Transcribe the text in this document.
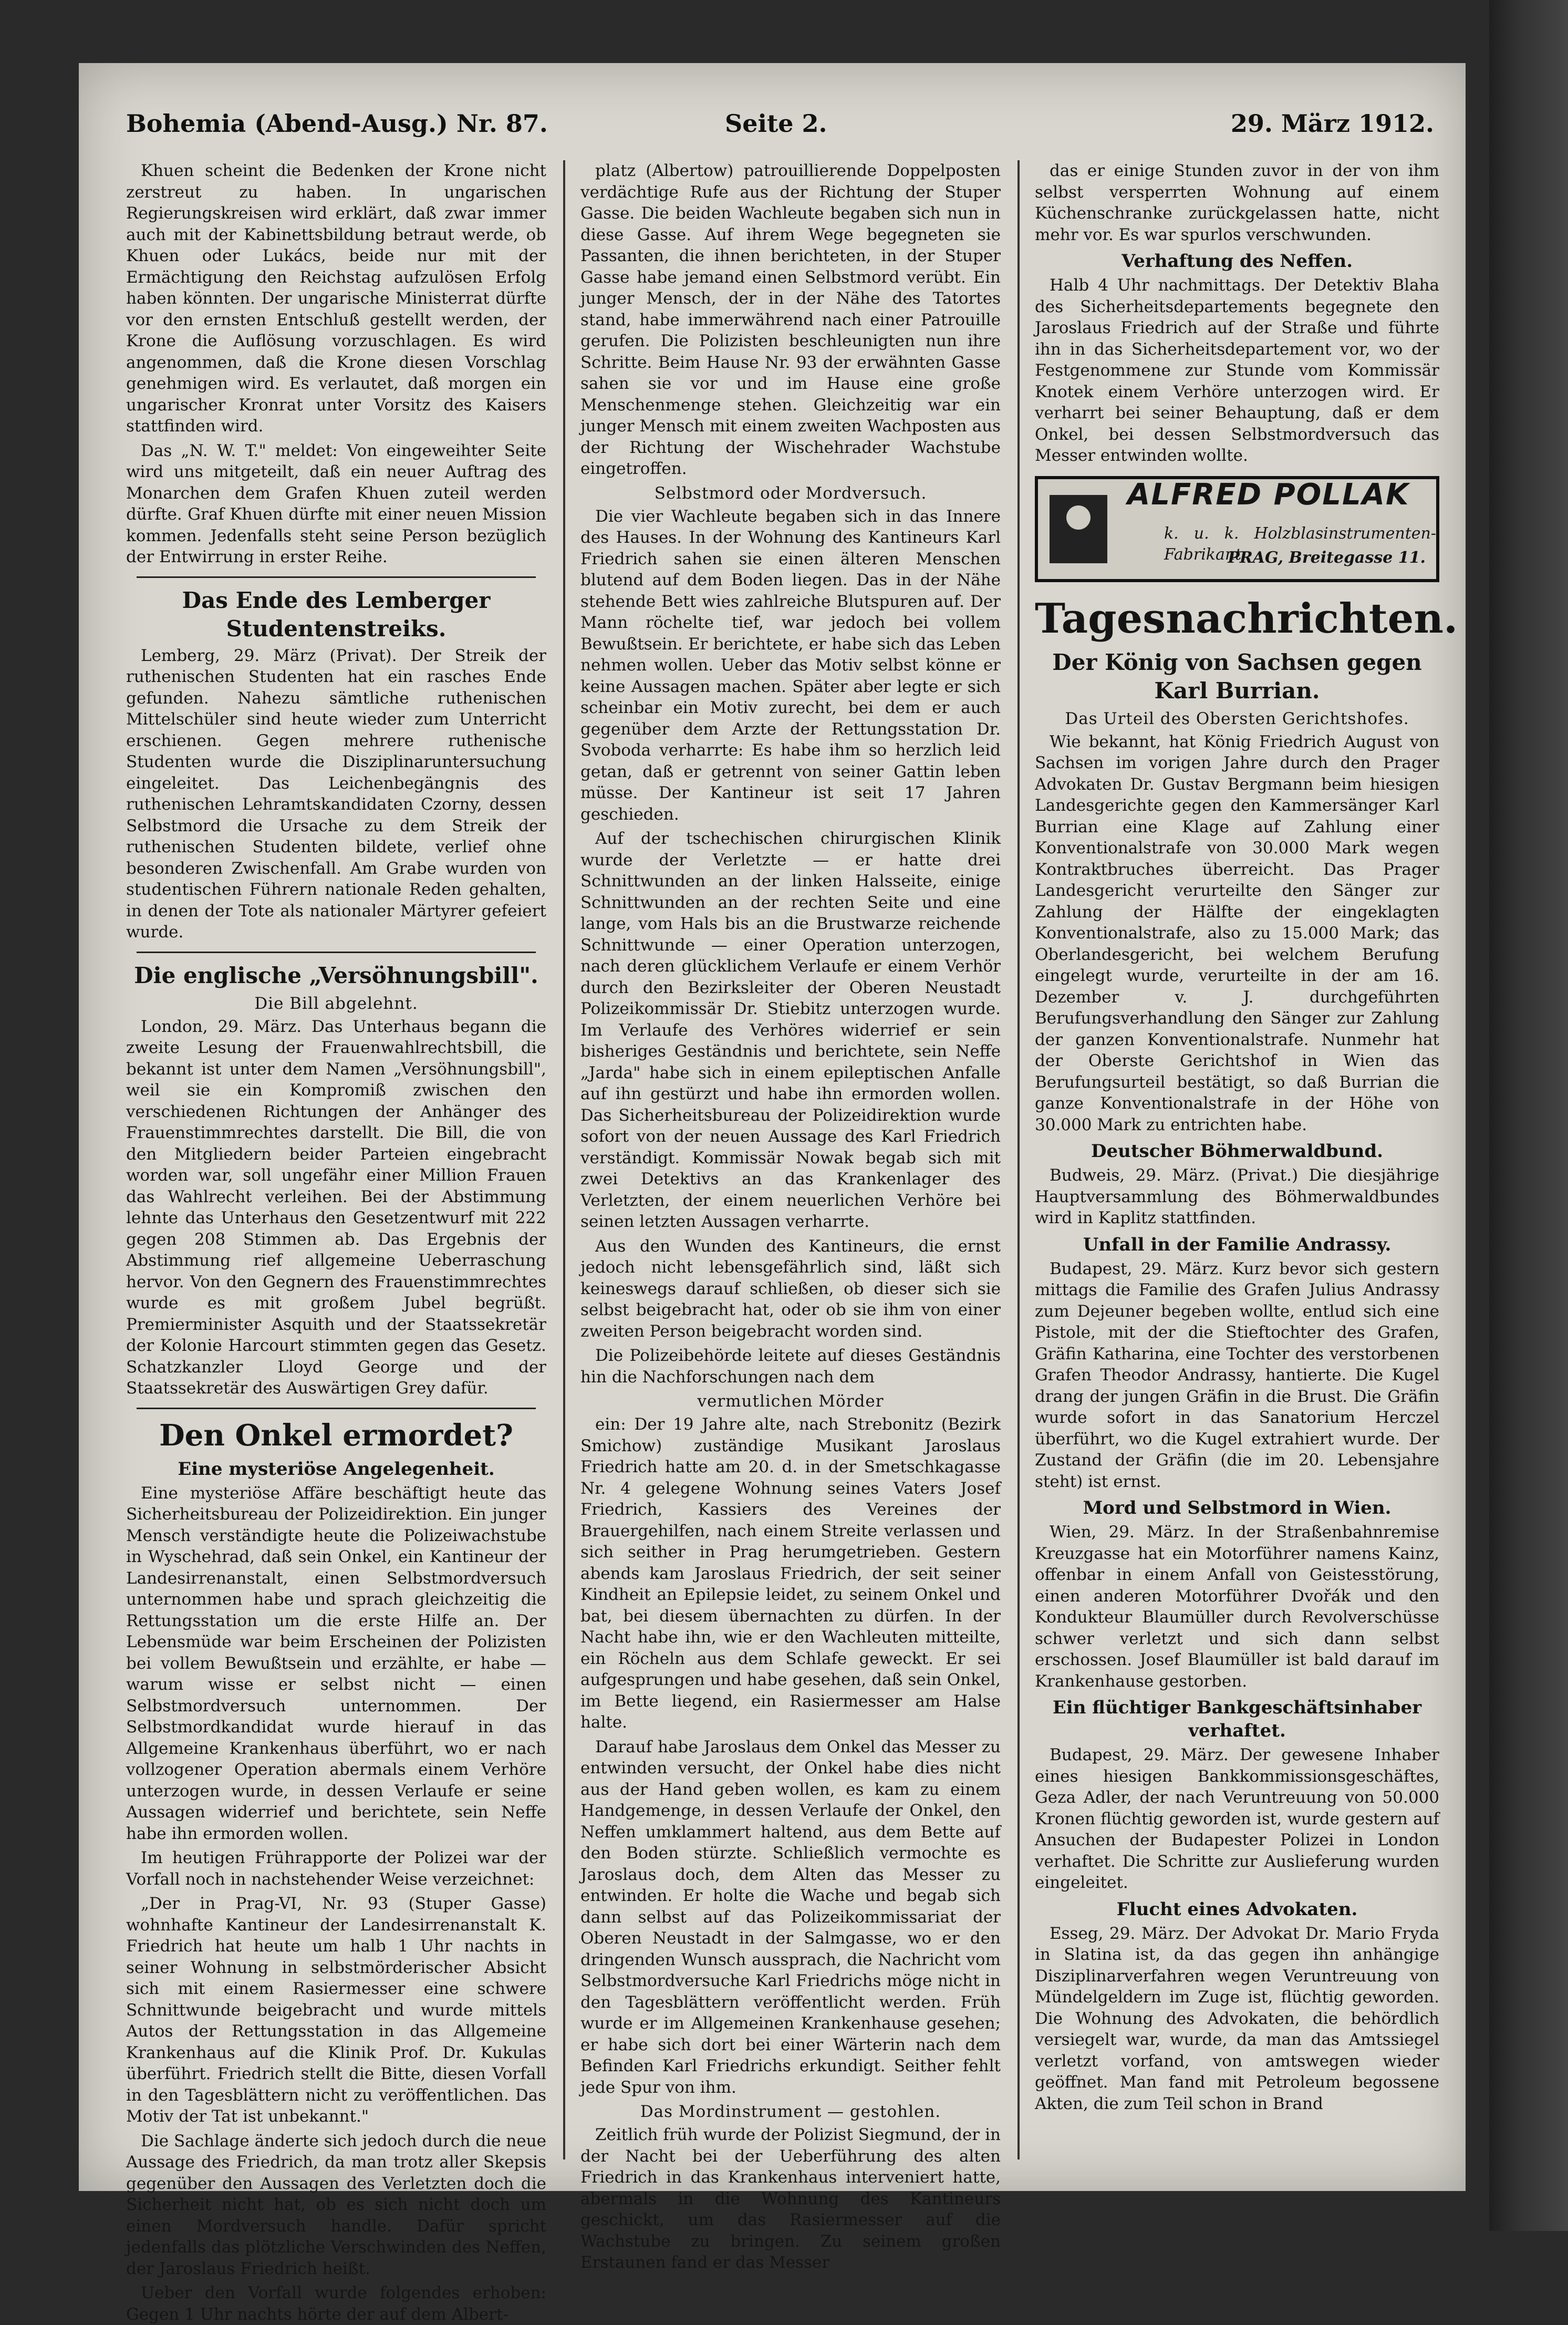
Bohemia (Abend-Ausg.) Nr. 87.	Seite 2.	29. März 1912.

Khuen scheint die Bedenken der Krone nicht zerstreut zu haben. In ungarischen Regierungskreisen wird erklärt, daß zwar immer auch mit der Kabinettsbildung betraut werde, ob Khuen oder Lukács, beide nur mit der Ermächtigung den Reichstag aufzulösen Erfolg haben könnten. Der ungarische Ministerrat dürfte vor den ernsten Entschluß gestellt werden, der Krone die Auflösung vorzuschlagen. Es wird angenommen, daß die Krone diesen Vorschlag genehmigen wird. Es verlautet, daß morgen ein ungarischer Kronrat unter Vorsitz des Kaisers stattfinden wird.

Das „N. W. T." meldet: Von eingeweihter Seite wird uns mitgeteilt, daß ein neuer Auftrag des Monarchen dem Grafen Khuen zuteil werden dürfte. Graf Khuen dürfte mit einer neuen Mission kommen. Jedenfalls steht seine Person bezüglich der Entwirrung in erster Reihe.

Das Ende des Lemberger Studentenstreiks.

Lemberg, 29. März (Privat). Der Streik der ruthenischen Studenten hat ein rasches Ende gefunden. Nahezu sämtliche ruthenischen Mittelschüler sind heute wieder zum Unterricht erschienen. Gegen mehrere ruthenische Studenten wurde die Disziplinaruntersuchung eingeleitet. Das Leichenbegängnis des ruthenischen Lehramtskandidaten Czorny, dessen Selbstmord die Ursache zu dem Streik der ruthenischen Studenten bildete, verlief ohne besonderen Zwischenfall. Am Grabe wurden von studentischen Führern nationale Reden gehalten, in denen der Tote als nationaler Märtyrer gefeiert wurde.

Die englische „Versöhnungsbill".
Die Bill abgelehnt.

London, 29. März. Das Unterhaus begann die zweite Lesung der Frauenwahlrechtsbill, die bekannt ist unter dem Namen „Versöhnungsbill", weil sie ein Kompromiß zwischen den verschiedenen Richtungen der Anhänger des Frauenstimmrechtes darstellt. Die Bill, die von den Mitgliedern beider Parteien eingebracht worden war, soll ungefähr einer Million Frauen das Wahlrecht verleihen. Bei der Abstimmung lehnte das Unterhaus den Gesetzentwurf mit 222 gegen 208 Stimmen ab. Das Ergebnis der Abstimmung rief allgemeine Ueberraschung hervor. Von den Gegnern des Frauenstimmrechtes wurde es mit großem Jubel begrüßt. Premierminister Asquith und der Staatssekretär der Kolonie Harcourt stimmten gegen das Gesetz. Schatzkanzler Lloyd George und der Staatssekretär des Auswärtigen Grey dafür.

Den Onkel ermordet?
Eine mysteriöse Angelegenheit.

Eine mysteriöse Affäre beschäftigt heute das Sicherheitsbureau der Polizeidirektion. Ein junger Mensch verständigte heute die Polizeiwachstube in Wyschehrad, daß sein Onkel, ein Kantineur der Landesirrenanstalt, einen Selbstmordversuch unternommen habe und sprach gleichzeitig die Rettungsstation um die erste Hilfe an. Der Lebensmüde war beim Erscheinen der Polizisten bei vollem Bewußtsein und erzählte, er habe — warum wisse er selbst nicht — einen Selbstmordversuch unternommen. Der Selbstmordkandidat wurde hierauf in das Allgemeine Krankenhaus überführt, wo er nach vollzogener Operation abermals einem Verhöre unterzogen wurde, in dessen Verlaufe er seine Aussagen widerrief und berichtete, sein Neffe habe ihn ermorden wollen.

Im heutigen Frührapporte der Polizei war der Vorfall noch in nachstehender Weise verzeichnet:

„Der in Prag-VI, Nr. 93 (Stuper Gasse) wohnhafte Kantineur der Landesirrenanstalt K. Friedrich hat heute um halb 1 Uhr nachts in seiner Wohnung in selbstmörderischer Absicht sich mit einem Rasiermesser eine schwere Schnittwunde beigebracht und wurde mittels Autos der Rettungsstation in das Allgemeine Krankenhaus auf die Klinik Prof. Dr. Kukulas überführt. Friedrich stellt die Bitte, diesen Vorfall in den Tagesblättern nicht zu veröffentlichen. Das Motiv der Tat ist unbekannt."

Die Sachlage änderte sich jedoch durch die neue Aussage des Friedrich, da man trotz aller Skepsis gegenüber den Aussagen des Verletzten doch die Sicherheit nicht hat, ob es sich nicht doch um einen Mordversuch handle. Dafür spricht jedenfalls das plötzliche Verschwinden des Neffen, der Jaroslaus Friedrich heißt.

Ueber den Vorfall wurde folgendes erhoben: Gegen 1 Uhr nachts hörte der auf dem Albert-

platz (Albertow) patrouillierende Doppelposten verdächtige Rufe aus der Richtung der Stuper Gasse. Die beiden Wachleute begaben sich nun in diese Gasse. Auf ihrem Wege begegneten sie Passanten, die ihnen berichteten, in der Stuper Gasse habe jemand einen Selbstmord verübt. Ein junger Mensch, der in der Nähe des Tatortes stand, habe immerwährend nach einer Patrouille gerufen. Die Polizisten beschleunigten nun ihre Schritte. Beim Hause Nr. 93 der erwähnten Gasse sahen sie vor und im Hause eine große Menschenmenge stehen. Gleichzeitig war ein junger Mensch mit einem zweiten Wachposten aus der Richtung der Wischehrader Wachstube eingetroffen.

Selbstmord oder Mordversuch.

Die vier Wachleute begaben sich in das Innere des Hauses. In der Wohnung des Kantineurs Karl Friedrich sahen sie einen älteren Menschen blutend auf dem Boden liegen. Das in der Nähe stehende Bett wies zahlreiche Blutspuren auf. Der Mann röchelte tief, war jedoch bei vollem Bewußtsein. Er berichtete, er habe sich das Leben nehmen wollen. Ueber das Motiv selbst könne er keine Aussagen machen. Später aber legte er sich scheinbar ein Motiv zurecht, bei dem er auch gegenüber dem Arzte der Rettungsstation Dr. Svoboda verharrte: Es habe ihm so herzlich leid getan, daß er getrennt von seiner Gattin leben müsse. Der Kantineur ist seit 17 Jahren geschieden.

Auf der tschechischen chirurgischen Klinik wurde der Verletzte — er hatte drei Schnittwunden an der linken Halsseite, einige Schnittwunden an der rechten Seite und eine lange, vom Hals bis an die Brustwarze reichende Schnittwunde — einer Operation unterzogen, nach deren glücklichem Verlaufe er einem Verhör durch den Bezirksleiter der Oberen Neustadt Polizeikommissär Dr. Stiebitz unterzogen wurde. Im Verlaufe des Verhöres widerrief er sein bisheriges Geständnis und berichtete, sein Neffe „Jarda" habe sich in einem epileptischen Anfalle auf ihn gestürzt und habe ihn ermorden wollen. Das Sicherheitsbureau der Polizeidirektion wurde sofort von der neuen Aussage des Karl Friedrich verständigt. Kommissär Nowak begab sich mit zwei Detektivs an das Krankenlager des Verletzten, der einem neuerlichen Verhöre bei seinen letzten Aussagen verharrte.

Aus den Wunden des Kantineurs, die ernst jedoch nicht lebensgefährlich sind, läßt sich keineswegs darauf schließen, ob dieser sich sie selbst beigebracht hat, oder ob sie ihm von einer zweiten Person beigebracht worden sind.

Die Polizeibehörde leitete auf dieses Geständnis hin die Nachforschungen nach dem

vermutlichen Mörder

ein: Der 19 Jahre alte, nach Strebonitz (Bezirk Smichow) zuständige Musikant Jaroslaus Friedrich hatte am 20. d. in der Smetschkagasse Nr. 4 gelegene Wohnung seines Vaters Josef Friedrich, Kassiers des Vereines der Brauergehilfen, nach einem Streite verlassen und sich seither in Prag herumgetrieben. Gestern abends kam Jaroslaus Friedrich, der seit seiner Kindheit an Epilepsie leidet, zu seinem Onkel und bat, bei diesem übernachten zu dürfen. In der Nacht habe ihn, wie er den Wachleuten mitteilte, ein Röcheln aus dem Schlafe geweckt. Er sei aufgesprungen und habe gesehen, daß sein Onkel, im Bette liegend, ein Rasiermesser am Halse halte.

Darauf habe Jaroslaus dem Onkel das Messer zu entwinden versucht, der Onkel habe dies nicht aus der Hand geben wollen, es kam zu einem Handgemenge, in dessen Verlaufe der Onkel, den Neffen umklammert haltend, aus dem Bette auf den Boden stürzte. Schließlich vermochte es Jaroslaus doch, dem Alten das Messer zu entwinden. Er holte die Wache und begab sich dann selbst auf das Polizeikommissariat der Oberen Neustadt in der Salmgasse, wo er den dringenden Wunsch aussprach, die Nachricht vom Selbstmordversuche Karl Friedrichs möge nicht in den Tagesblättern veröffentlicht werden. Früh wurde er im Allgemeinen Krankenhause gesehen; er habe sich dort bei einer Wärterin nach dem Befinden Karl Friedrichs erkundigt. Seither fehlt jede Spur von ihm.

Das Mordinstrument — gestohlen.

Zeitlich früh wurde der Polizist Siegmund, der in der Nacht bei der Ueberführung des alten Friedrich in das Krankenhaus interveniert hatte, abermals in die Wohnung des Kantineurs geschickt, um das Rasiermesser auf die Wachstube zu bringen. Zu seinem großen Erstaunen fand er das Messer

das er einige Stunden zuvor in der von ihm selbst versperrten Wohnung auf einem Küchenschranke zurückgelassen hatte, nicht mehr vor. Es war spurlos verschwunden.

Verhaftung des Neffen.

Halb 4 Uhr nachmittags. Der Detektiv Blaha des Sicherheitsdepartements begegnete den Jaroslaus Friedrich auf der Straße und führte ihn in das Sicherheitsdepartement vor, wo der Festgenommene zur Stunde vom Kommissär Knotek einem Verhöre unterzogen wird. Er verharrt bei seiner Behauptung, daß er dem Onkel, bei dessen Selbstmordversuch das Messer entwinden wollte.

ALFRED POLLAK
k. u. k. Holzblasinstrumenten-Fabrikant
PRAG, Breitegasse 11.
Tagesnachrichten.
Der König von Sachsen gegen Karl Burrian.
Das Urteil des Obersten Gerichtshofes.

Wie bekannt, hat König Friedrich August von Sachsen im vorigen Jahre durch den Prager Advokaten Dr. Gustav Bergmann beim hiesigen Landesgerichte gegen den Kammersänger Karl Burrian eine Klage auf Zahlung einer Konventionalstrafe von 30.000 Mark wegen Kontraktbruches überreicht. Das Prager Landesgericht verurteilte den Sänger zur Zahlung der Hälfte der eingeklagten Konventionalstrafe, also zu 15.000 Mark; das Oberlandesgericht, bei welchem Berufung eingelegt wurde, verurteilte in der am 16. Dezember v. J. durchgeführten Berufungsverhandlung den Sänger zur Zahlung der ganzen Konventionalstrafe. Nunmehr hat der Oberste Gerichtshof in Wien das Berufungsurteil bestätigt, so daß Burrian die ganze Konventionalstrafe in der Höhe von 30.000 Mark zu entrichten habe.

Deutscher Böhmerwaldbund.

Budweis, 29. März. (Privat.) Die diesjährige Hauptversammlung des Böhmerwaldbundes wird in Kaplitz stattfinden.

Unfall in der Familie Andrassy.

Budapest, 29. März. Kurz bevor sich gestern mittags die Familie des Grafen Julius Andrassy zum Dejeuner begeben wollte, entlud sich eine Pistole, mit der die Stieftochter des Grafen, Gräfin Katharina, eine Tochter des verstorbenen Grafen Theodor Andrassy, hantierte. Die Kugel drang der jungen Gräfin in die Brust. Die Gräfin wurde sofort in das Sanatorium Herczel überführt, wo die Kugel extrahiert wurde. Der Zustand der Gräfin (die im 20. Lebensjahre steht) ist ernst.

Mord und Selbstmord in Wien.

Wien, 29. März. In der Straßenbahnremise Kreuzgasse hat ein Motorführer namens Kainz, offenbar in einem Anfall von Geistesstörung, einen anderen Motorführer Dvořák und den Kondukteur Blaumüller durch Revolverschüsse schwer verletzt und sich dann selbst erschossen. Josef Blaumüller ist bald darauf im Krankenhause gestorben.

Ein flüchtiger Bankgeschäftsinhaber verhaftet.

Budapest, 29. März. Der gewesene Inhaber eines hiesigen Bankkommissionsgeschäftes, Geza Adler, der nach Veruntreuung von 50.000 Kronen flüchtig geworden ist, wurde gestern auf Ansuchen der Budapester Polizei in London verhaftet. Die Schritte zur Auslieferung wurden eingeleitet.

Flucht eines Advokaten.

Esseg, 29. März. Der Advokat Dr. Mario Fryda in Slatina ist, da das gegen ihn anhängige Disziplinarverfahren wegen Veruntreuung von Mündelgeldern im Zuge ist, flüchtig geworden. Die Wohnung des Advokaten, die behördlich versiegelt war, wurde, da man das Amtssiegel verletzt vorfand, von amtswegen wieder geöffnet. Man fand mit Petroleum begossene Akten, die zum Teil schon in Brand
